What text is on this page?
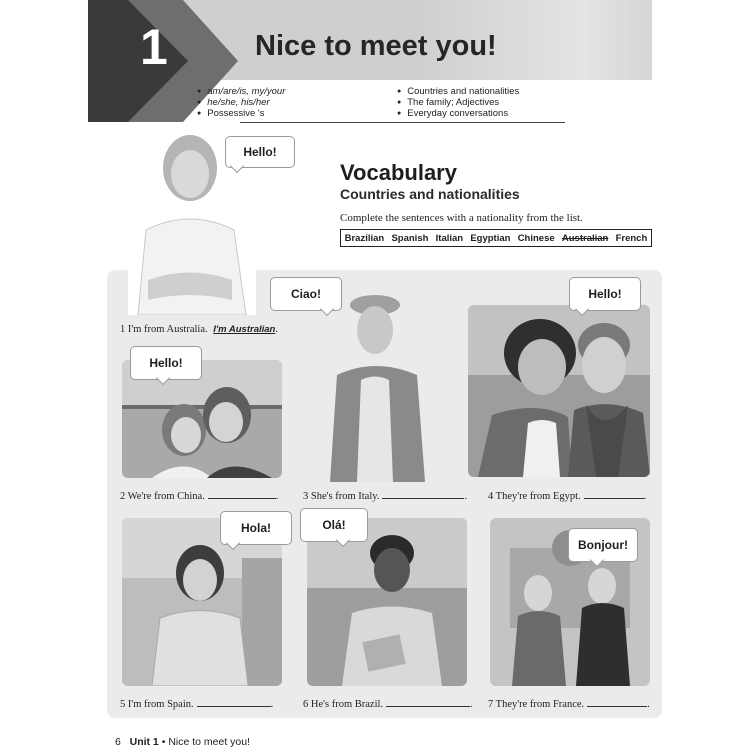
1	Nice to meet you!
● am/are/is, my/your
● he/she, his/her
● Possessive 's
● Countries and nationalities
● The family; Adjectives
● Everyday conversations
Hello!
Vocabulary
Countries and nationalities
Complete the sentences with a nationality from the list.
Brazilian Spanish Italian Egyptian Chinese Australian French
Hello!
Ciao!	Hello!
Hola!	Olá!
Bonjour!
1 I'm from Australia. I'm Australian.
2 We're from China.	. 3 She's from Italy.	. 4 They're from Egypt.	.
5 I'm from Spain.	.	6 He's from Brazil.	. 7 They're from France.	.
6 Unit 1 • Nice to meet you!
